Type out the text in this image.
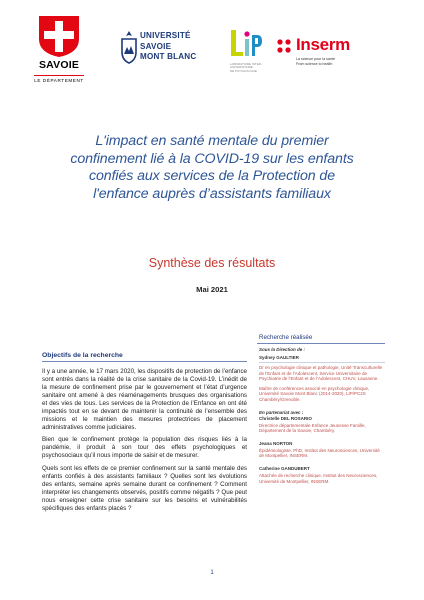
SAVOIE
LE DÉPARTEMENT
UNIVERSITÉ
SAVOIE
MONT BLANC
LABORATOIRE INTER-UNIVERSITAIRE
DE PSYCHOLOGIE
Inserm
La science pour la santé
From science to health
L'impact en santé mentale du premier
confinement lié à la COVID-19 sur les enfants
confiés aux services de la Protection de
l'enfance auprès d’assistants familiaux
Synthèse des résultats
Mai 2021
Objectifs de la recherche

Il y a une année, le 17 mars 2020, les dispositifs de protection de l’enfance sont entrés dans la réalité de la crise sanitaire de la Covid-19. L’inédit de la mesure de confinement prise par le gouvernement et l’état d’urgence sanitaire ont amené à des réaménagements brusques des organisations et des vies de tous. Les services de la Protection de l’Enfance en ont été impactés tout en se devant de maintenir la continuité de l’ensemble des missions et le maintien des mesures protectrices de placement administratives comme judiciaires.

Bien que le confinement protège la population des risques liés à la pandémie, il produit à son tour des effets psychologiques et psychosociaux qu’il nous importe de saisir et de mesurer.

Quels sont les effets de ce premier confinement sur la santé mentale des enfants confiés à des assistants familiaux ? Quelles sont les évolutions des enfants, semaine après semaine durant ce confinement ? Comment interpréter les changements observés, positifs comme négatifs ? Que peut nous enseigner cette crise sanitaire sur les besoins et vulnérabilités spécifiques des enfants placés ?

Recherche réalisée
Sous la Direction de :
Sydney GAULTIER
Dr en psychologie clinique et pathologie, Unité Transculturelle de l’Enfant et de l’Adolescent, Service Universitaire de Psychiatrie de l’Enfant et de l’Adolescent, CHUV, Lausanne.
Maître de conférences associé en psychologie clinique, Université Savoie Mont Blanc (2014-2020), LIP/PC2S Chambéry/Grenoble.
En partenariat avec :
Christelle DEL ROSARIO
Directrice départementale Enfance Jeunesse Famille, Département de la Savoie, Chambéry.
Jeana NORTON
Épidémiologiste, PhD, Institut des Neurosciences, Université de Montpellier, INSERM.
Catherine GANDUBERT
Attachée de recherche clinique, Institut des Neurosciences, Université de Montpellier, INSERM.
1
